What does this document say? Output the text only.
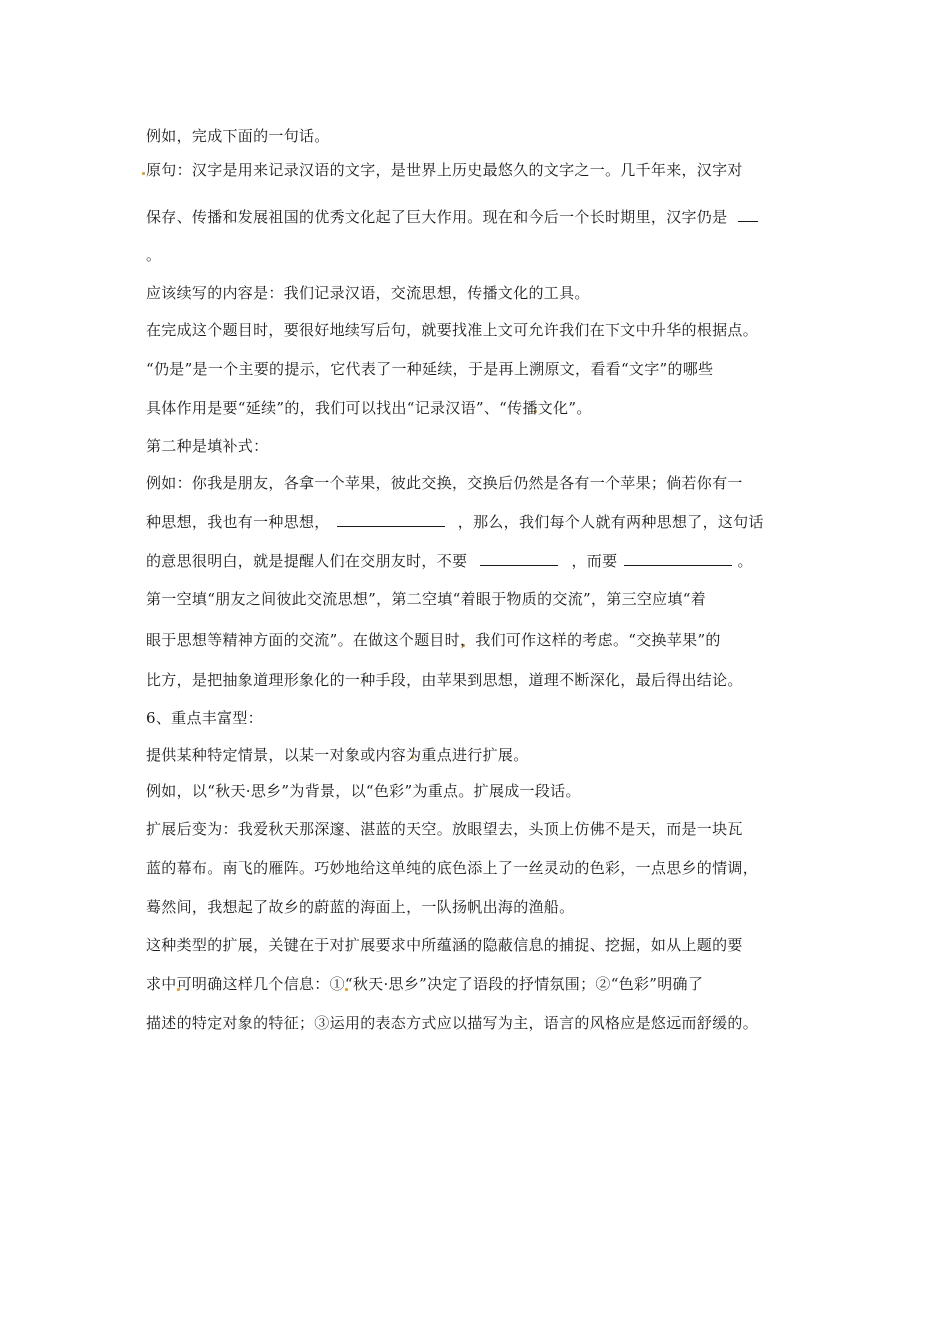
例如，完成下面的一句话。
原句：汉字是用来记录汉语的文字，是世界上历史最悠久的文字之一。几千年来，汉字对
保存、传播和发展祖国的优秀文化起了巨大作用。现在和今后一个长时期里，汉字仍是
。
应该续写的内容是：我们记录汉语，交流思想，传播文化的工具。
在完成这个题目时，要很好地续写后句，就要找准上文可允许我们在下文中升华的根据点。
“仍是”是一个主要的提示，它代表了一种延续，于是再上溯原文，看看“文字”的哪些
具体作用是要“延续”的，我们可以找出“记录汉语”、“传播文化”。
第二种是填补式：
例如：你我是朋友，各拿一个苹果，彼此交换，交换后仍然是各有一个苹果；倘若你有一
种思想，我也有一种思想，	，那么，我们每个人就有两种思想了，这句话
的意思很明白，就是提醒人们在交朋友时，不要	，而要	。
第一空填“朋友之间彼此交流思想”，第二空填“着眼于物质的交流”，第三空应填“着
眼于思想等精神方面的交流”。在做这个题目时，我们可作这样的考虑。“交换苹果”的
比方，是把抽象道理形象化的一种手段，由苹果到思想，道理不断深化，最后得出结论。
6、重点丰富型：
提供某种特定情景，以某一对象或内容为重点进行扩展。
例如，以“秋天·思乡”为背景，以“色彩”为重点。扩展成一段话。
扩展后变为：我爱秋天那深邃、湛蓝的天空。放眼望去，头顶上仿佛不是天，而是一块瓦
蓝的幕布。南飞的雁阵。巧妙地给这单纯的底色添上了一丝灵动的色彩，一点思乡的情调，
蓦然间，我想起了故乡的蔚蓝的海面上，一队扬帆出海的渔船。
这种类型的扩展，关键在于对扩展要求中所蕴涵的隐蔽信息的捕捉、挖掘，如从上题的要
求中可明确这样几个信息：①“秋天·思乡”决定了语段的抒情氛围；②“色彩”明确了
描述的特定对象的特征；③运用的表态方式应以描写为主，语言的风格应是悠远而舒缓的。
